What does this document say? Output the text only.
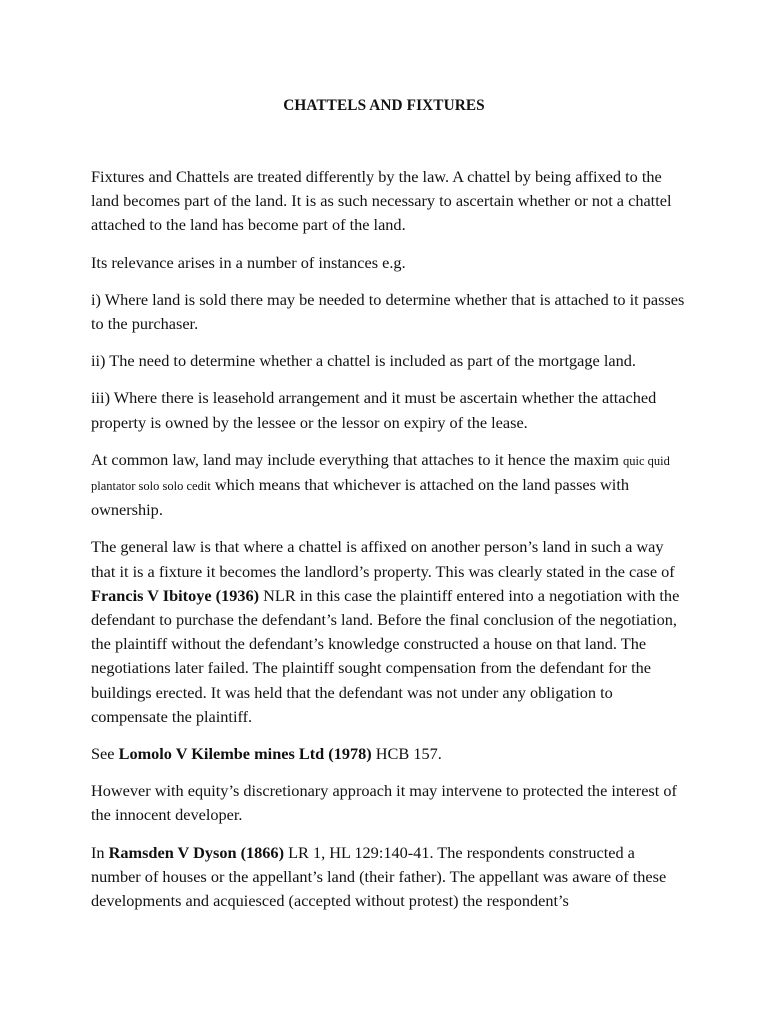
CHATTELS AND FIXTURES

Fixtures and Chattels are treated differently by the law. A chattel by being affixed to the land becomes part of the land. It is as such necessary to ascertain whether or not a chattel attached to the land has become part of the land.

Its relevance arises in a number of instances e.g.

i) Where land is sold there may be needed to determine whether that is attached to it passes to the purchaser.

ii) The need to determine whether a chattel is included as part of the mortgage land.

iii) Where there is leasehold arrangement and it must be ascertain whether the attached property is owned by the lessee or the lessor on expiry of the lease.

At common law, land may include everything that attaches to it hence the maxim quic quid plantator solo solo cedit which means that whichever is attached on the land passes with ownership.

The general law is that where a chattel is affixed on another person’s land in such a way that it is a fixture it becomes the landlord’s property. This was clearly stated in the case of Francis V Ibitoye (1936) NLR in this case the plaintiff entered into a negotiation with the defendant to purchase the defendant’s land. Before the final conclusion of the negotiation, the plaintiff without the defendant’s knowledge constructed a house on that land. The negotiations later failed. The plaintiff sought compensation from the defendant for the buildings erected. It was held that the defendant was not under any obligation to compensate the plaintiff.

See Lomolo V Kilembe mines Ltd (1978) HCB 157.

However with equity’s discretionary approach it may intervene to protected the interest of the innocent developer.

In Ramsden V Dyson (1866) LR 1, HL 129:140-41. The respondents constructed a number of houses or the appellant’s land (their father). The appellant was aware of these developments and acquiesced (accepted without protest) the respondent’s
